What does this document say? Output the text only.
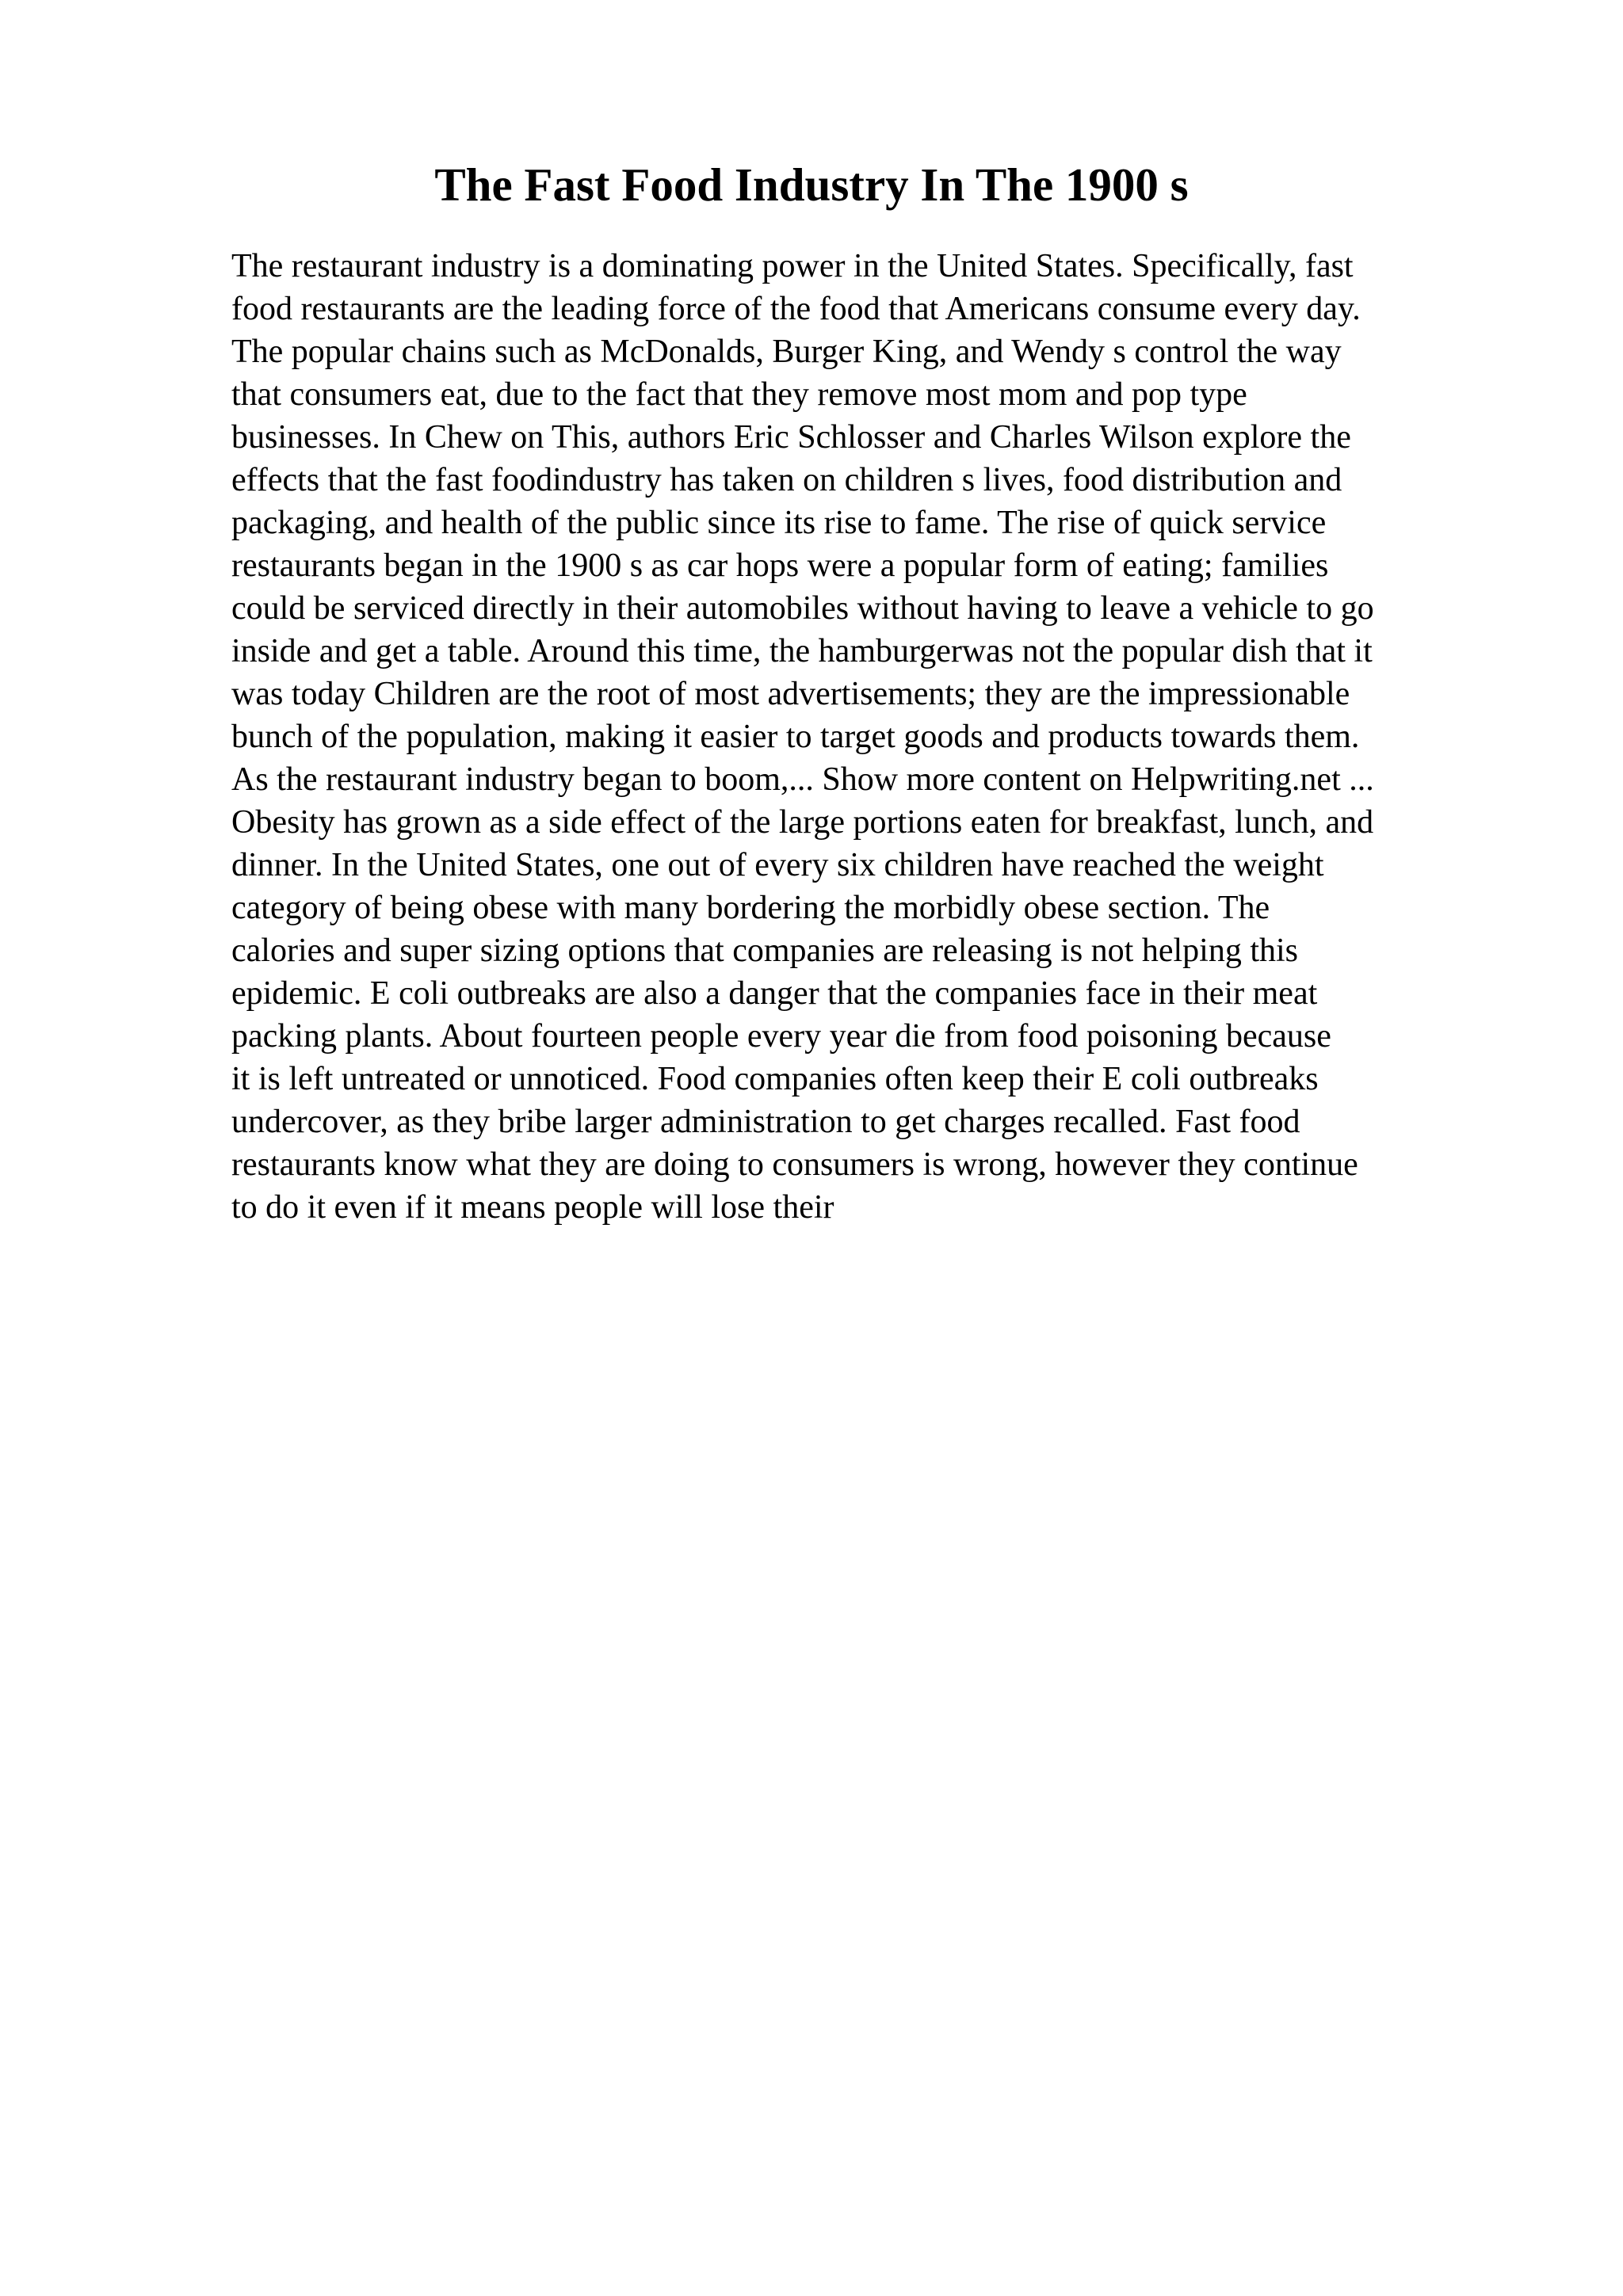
The Fast Food Industry In The 1900 s
The restaurant industry is a dominating power in the United States. Specifically, fast
food restaurants are the leading force of the food that Americans consume every day.
The popular chains such as McDonalds, Burger King, and Wendy s control the way
that consumers eat, due to the fact that they remove most mom and pop type
businesses. In Chew on This, authors Eric Schlosser and Charles Wilson explore the
effects that the fast foodindustry has taken on children s lives, food distribution and
packaging, and health of the public since its rise to fame. The rise of quick service
restaurants began in the 1900 s as car hops were a popular form of eating; families
could be serviced directly in their automobiles without having to leave a vehicle to go
inside and get a table. Around this time, the hamburgerwas not the popular dish that it
was today Children are the root of most advertisements; they are the impressionable
bunch of the population, making it easier to target goods and products towards them.
As the restaurant industry began to boom,... Show more content on Helpwriting.net ...
Obesity has grown as a side effect of the large portions eaten for breakfast, lunch, and
dinner. In the United States, one out of every six children have reached the weight
category of being obese with many bordering the morbidly obese section. The
calories and super sizing options that companies are releasing is not helping this
epidemic. E coli outbreaks are also a danger that the companies face in their meat
packing plants. About fourteen people every year die from food poisoning because
it is left untreated or unnoticed. Food companies often keep their E coli outbreaks
undercover, as they bribe larger administration to get charges recalled. Fast food
restaurants know what they are doing to consumers is wrong, however they continue
to do it even if it means people will lose their
